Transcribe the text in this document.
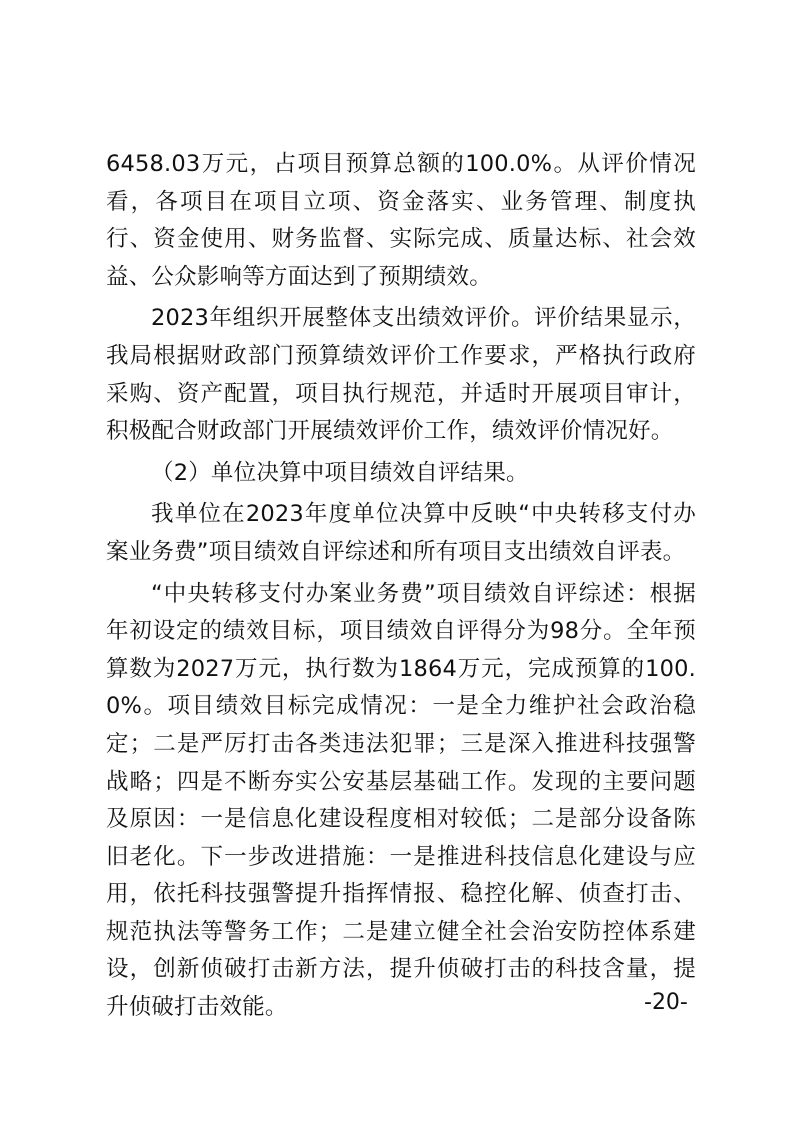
6458.03万元，占项目预算总额的100.0%。从评价情况看，各项目在项目立项、资金落实、业务管理、制度执行、资金使用、财务监督、实际完成、质量达标、社会效益、公众影响等方面达到了预期绩效。

2023年组织开展整体支出绩效评价。评价结果显示，我局根据财政部门预算绩效评价工作要求，严格执行政府采购、资产配置，项目执行规范，并适时开展项目审计，积极配合财政部门开展绩效评价工作，绩效评价情况好。

（2）单位决算中项目绩效自评结果。

我单位在2023年度单位决算中反映“中央转移支付办案业务费”项目绩效自评综述和所有项目支出绩效自评表。

“中央转移支付办案业务费”项目绩效自评综述：根据年初设定的绩效目标，项目绩效自评得分为98分。全年预算数为2027万元，执行数为1864万元，完成预算的100.0%。项目绩效目标完成情况：一是全力维护社会政治稳定；二是严厉打击各类违法犯罪；三是深入推进科技强警战略；四是不断夯实公安基层基础工作。发现的主要问题及原因：一是信息化建设程度相对较低；二是部分设备陈旧老化。下一步改进措施：一是推进科技信息化建设与应用，依托科技强警提升指挥情报、稳控化解、侦查打击、规范执法等警务工作；二是建立健全社会治安防控体系建设，创新侦破打击新方法，提升侦破打击的科技含量，提升侦破打击效能。	-20-
